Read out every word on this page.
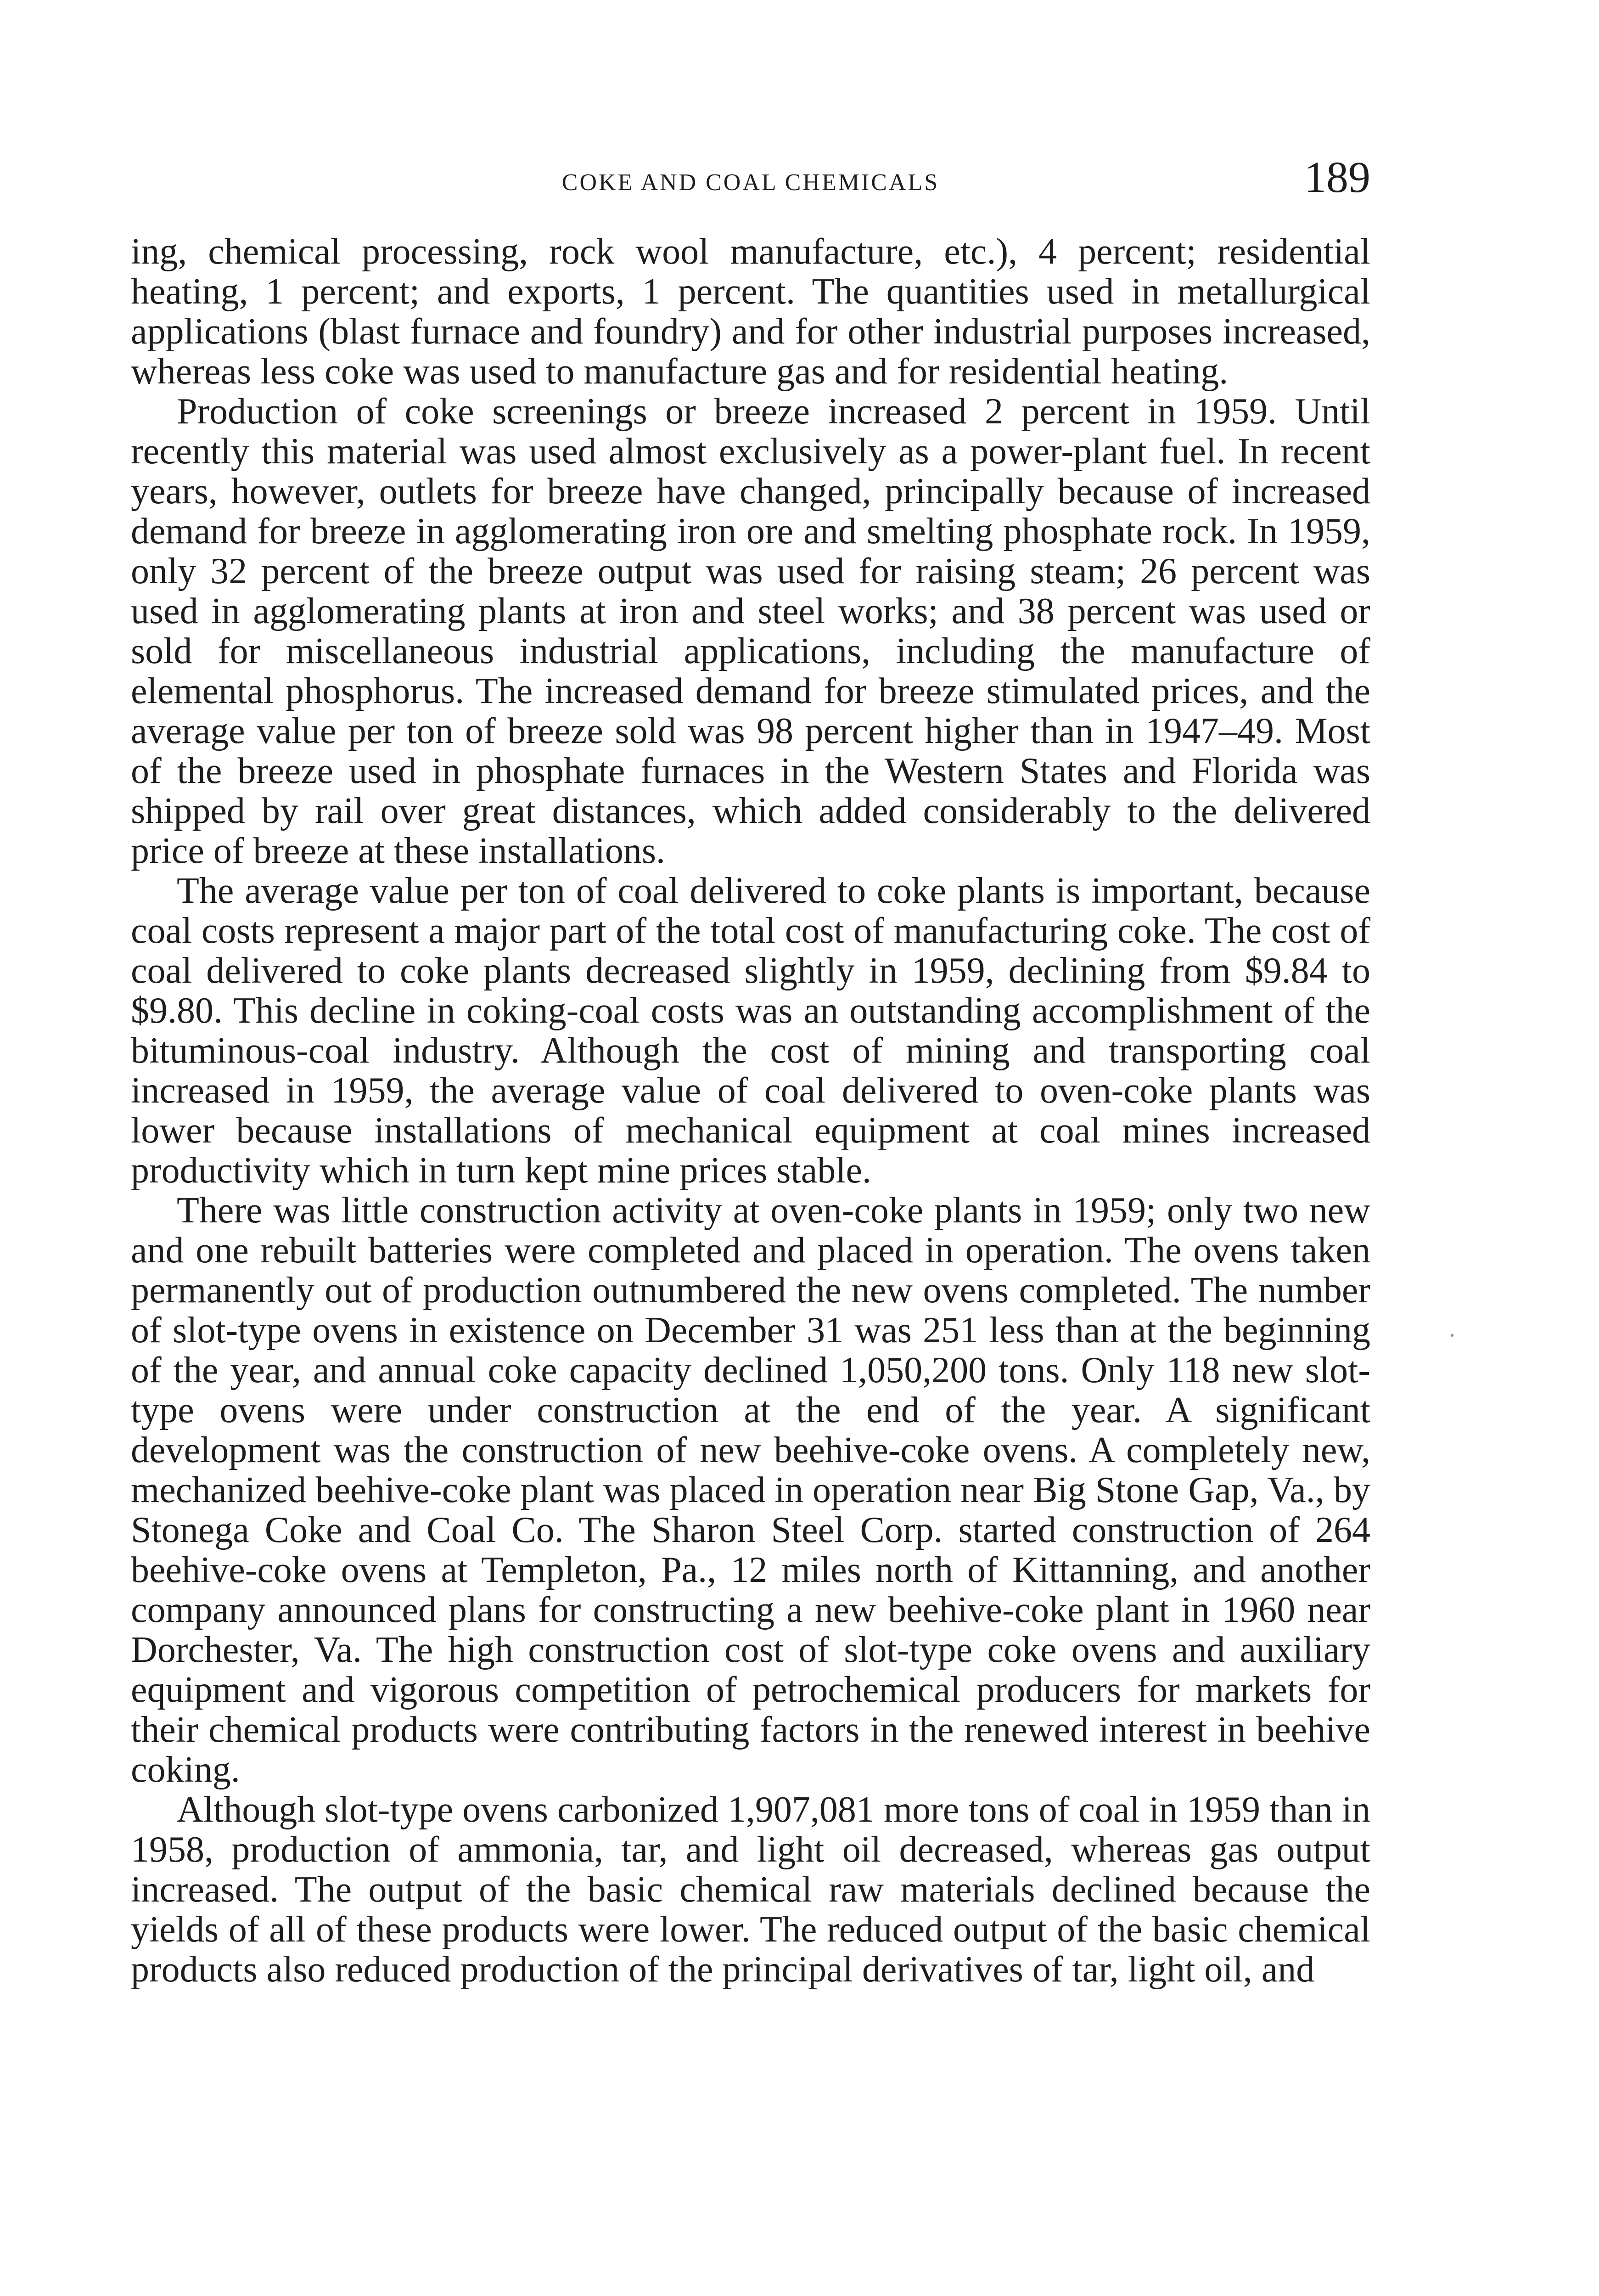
COKE AND COAL CHEMICALS	189

ing, chemical processing, rock wool manufacture, etc.), 4 percent; residential heating, 1 percent; and exports, 1 percent. The quantities used in metallurgical applications (blast furnace and foundry) and for other industrial purposes increased, whereas less coke was used to manufacture gas and for residential heating.

Production of coke screenings or breeze increased 2 percent in 1959. Until recently this material was used almost exclusively as a power-plant fuel. In recent years, however, outlets for breeze have changed, principally because of increased demand for breeze in agglomerating iron ore and smelting phosphate rock. In 1959, only 32 percent of the breeze output was used for raising steam; 26 percent was used in agglomerating plants at iron and steel works; and 38 percent was used or sold for miscellaneous industrial applications, including the manufacture of elemental phosphorus. The increased demand for breeze stimulated prices, and the average value per ton of breeze sold was 98 percent higher than in 1947–49. Most of the breeze used in phosphate furnaces in the Western States and Florida was shipped by rail over great distances, which added considerably to the delivered price of breeze at these installations.

The average value per ton of coal delivered to coke plants is important, because coal costs represent a major part of the total cost of manufacturing coke. The cost of coal delivered to coke plants decreased slightly in 1959, declining from $9.84 to $9.80. This decline in coking-coal costs was an outstanding accomplishment of the bituminous-coal industry. Although the cost of mining and transporting coal increased in 1959, the average value of coal delivered to oven-coke plants was lower because installations of mechanical equipment at coal mines increased productivity which in turn kept mine prices stable.

There was little construction activity at oven-coke plants in 1959; only two new and one rebuilt batteries were completed and placed in operation. The ovens taken permanently out of production outnumbered the new ovens completed. The number of slot-type ovens in existence on December 31 was 251 less than at the beginning of the year, and annual coke capacity declined 1,050,200 tons. Only 118 new slot-type ovens were under construction at the end of the year. A significant development was the construction of new beehive-coke ovens. A completely new, mechanized beehive-coke plant was placed in operation near Big Stone Gap, Va., by Stonega Coke and Coal Co. The Sharon Steel Corp. started construction of 264 beehive-coke ovens at Templeton, Pa., 12 miles north of Kittanning, and another company announced plans for constructing a new beehive-coke plant in 1960 near Dorchester, Va. The high construction cost of slot-type coke ovens and auxiliary equipment and vigorous competition of petrochemical producers for markets for their chemical products were contributing factors in the renewed interest in beehive coking.

Although slot-type ovens carbonized 1,907,081 more tons of coal in 1959 than in 1958, production of ammonia, tar, and light oil decreased, whereas gas output increased. The output of the basic chemical raw materials declined because the yields of all of these products were lower. The reduced output of the basic chemical products also reduced production of the principal derivatives of tar, light oil, and
